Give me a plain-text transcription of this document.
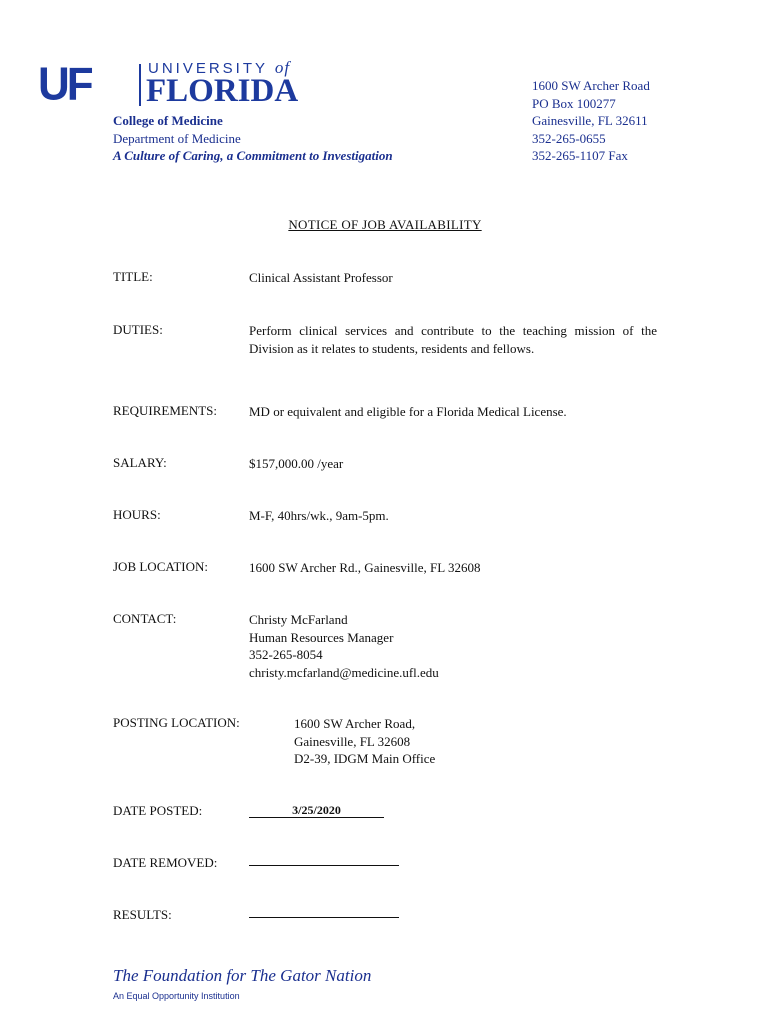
UF	UNIVERSITY of
FLORIDA
College of Medicine
Department of Medicine
A Culture of Caring, a Commitment to Investigation
1600 SW Archer Road
PO Box 100277
Gainesville, FL 32611
352-265-0655
352-265-1107 Fax
NOTICE OF JOB AVAILABILITY
TITLE:	Clinical Assistant Professor
DUTIES:	Perform clinical services and contribute to the teaching mission of the Division as it relates to students, residents and fellows.
REQUIREMENTS: MD or equivalent and eligible for a Florida Medical License.
SALARY:	$157,000.00 /year
HOURS:	M-F, 40hrs/wk., 9am-5pm.
JOB LOCATION:	1600 SW Archer Rd., Gainesville, FL 32608
CONTACT:	Christy McFarland
Human Resources Manager
352-265-8054
christy.mcfarland@medicine.ufl.edu
POSTING LOCATION:	1600 SW Archer Road,
Gainesville, FL 32608
D2-39, IDGM Main Office
DATE POSTED:	3/25/2020
DATE REMOVED:
RESULTS:
The Foundation for The Gator Nation
An Equal Opportunity Institution
